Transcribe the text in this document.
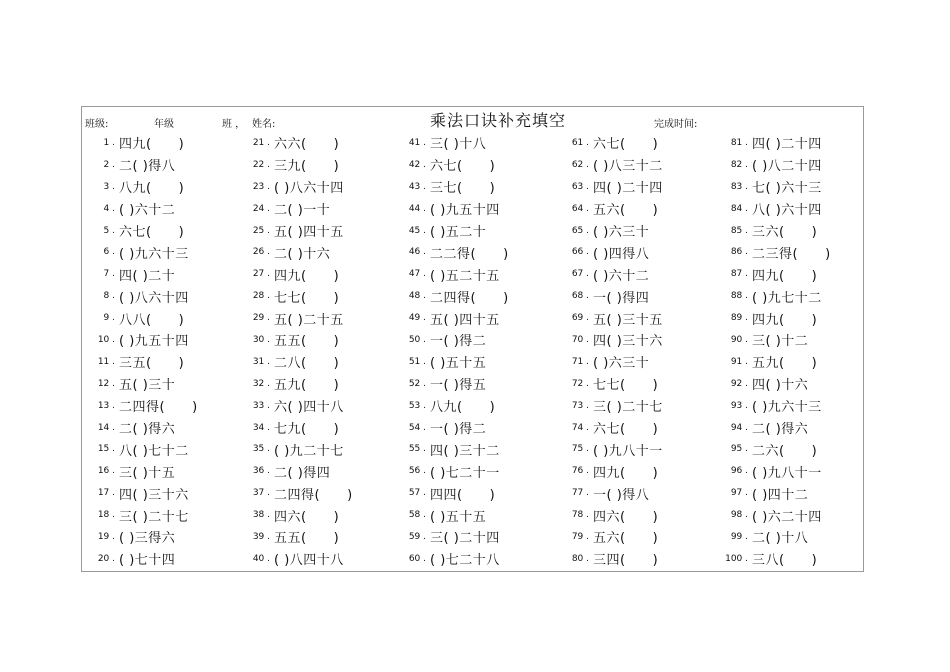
班级:	年级	班 ， 姓名:	乘法口诀补充填空	完成时间:
1 . 四九(　　)
2 . 二( )得八
3 . 八九(　　)
4 . ( )六十二
5 . 六七(　　)
6 . ( )九六十三
7 . 四( )二十
8 . ( )八六十四
9 . 八八(　　)
10 . ( )九五十四
11 . 三五(　　)
12 . 五( )三十
13 . 二四得(　　)
14 . 二( )得六
15 . 八( )七十二
16 . 三( )十五
17 . 四( )三十六
18 . 三( )二十七
19 . ( )三得六
20 . ( )七十四
21 . 六六(　　)
22 . 三九(　　)
23 . ( )八六十四
24 . 二( )一十
25 . 五( )四十五
26 . 二( )十六
27 . 四九(　　)
28 . 七七(　　)
29 . 五( )二十五
30 . 五五(　　)
31 . 二八(　　)
32 . 五九(　　)
33 . 六( )四十八
34 . 七九(　　)
35 . ( )九二十七
36 . 二( )得四
37 . 二四得(　　)
38 . 四六(　　)
39 . 五五(　　)
40 . ( )八四十八
41 . 三( )十八
42 . 六七(　　)
43 . 三七(　　)
44 . ( )九五十四
45 . ( )五二十
46 . 二二得(　　)
47 . ( )五二十五
48 . 二四得(　　)
49 . 五( )四十五
50 . 一( )得二
51 . ( )五十五
52 . 一( )得五
53 . 八九(　　)
54 . 一( )得二
55 . 四( )三十二
56 . ( )七二十一
57 . 四四(　　)
58 . ( )五十五
59 . 三( )二十四
60 . ( )七二十八
61 . 六七(　　)
62 . ( )八三十二
63 . 四( )二十四
64 . 五六(　　)
65 . ( )六三十
66 . ( )四得八
67 . ( )六十二
68 . 一( )得四
69 . 五( )三十五
70 . 四( )三十六
71 . ( )六三十
72 . 七七(　　)
73 . 三( )二十七
74 . 六七(　　)
75 . ( )九八十一
76 . 四九(　　)
77 . 一( )得八
78 . 四六(　　)
79 . 五六(　　)
80 . 三四(　　)
81 . 四( )二十四
82 . ( )八二十四
83 . 七( )六十三
84 . 八( )六十四
85 . 三六(　　)
86 . 二三得(　　)
87 . 四九(　　)
88 . ( )九七十二
89 . 四九(　　)
90 . 三( )十二
91 . 五九(　　)
92 . 四( )十六
93 . ( )九六十三
94 . 二( )得六
95 . 二六(　　)
96 . ( )九八十一
97 . ( )四十二
98 . ( )六二十四
99 . 二( )十八
100 . 三八(　　)
